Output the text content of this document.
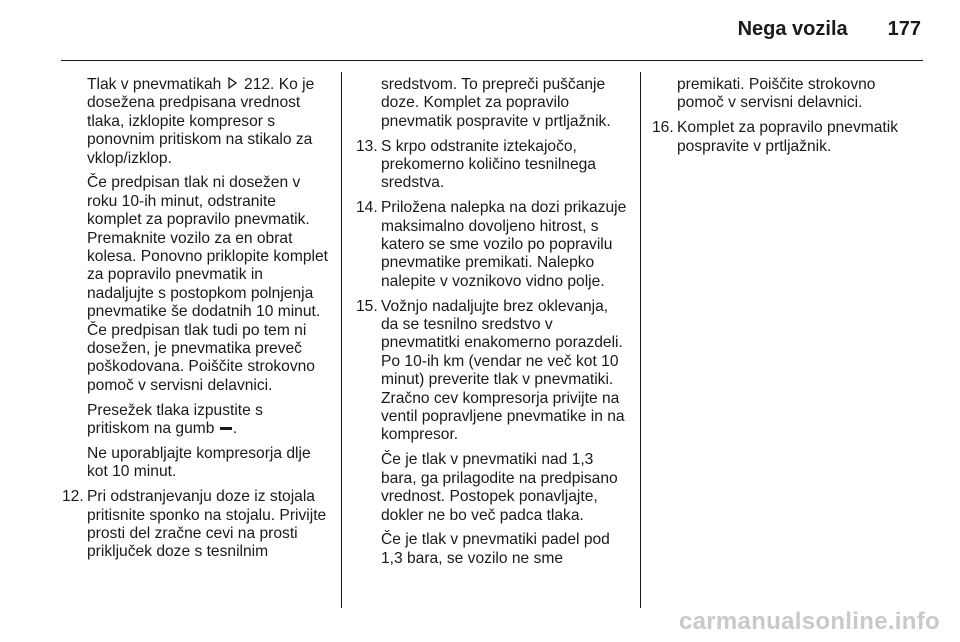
Nega vozila 177

Tlak v pnevmatikah  212. Ko je dosežena predpisana vrednost tlaka, izklopite kompresor s ponovnim pritiskom na stikalo za vklop/izklop.

Če predpisan tlak ni dosežen v roku 10-ih minut, odstranite komplet za popravilo pnevmatik. Premaknite vozilo za en obrat kolesa. Ponovno priklopite komplet za popravilo pnevmatik in nadaljujte s postopkom polnjenja pnevmatike še dodatnih 10 minut. Če predpisan tlak tudi po tem ni dosežen, je pnevmatika preveč poškodovana. Poiščite strokovno pomoč v servisni delavnici.

Presežek tlaka izpustite s pritiskom na gumb .

Ne uporabljajte kompresorja dlje kot 10 minut.

12. Pri odstranjevanju doze iz stojala pritisnite sponko na stojalu. Privijte prosti del zračne cevi na prosti priključek doze s tesnilnim

sredstvom. To prepreči puščanje doze. Komplet za popravilo pnevmatik pospravite v prtljažnik.

13. S krpo odstranite iztekajočo, prekomerno količino tesnilnega sredstva.
14. Priložena nalepka na dozi prikazuje maksimalno dovoljeno hitrost, s katero se sme vozilo po popravilu pnevmatike premikati. Nalepko nalepite v voznikovo vidno polje.
15. Vožnjo nadaljujte brez oklevanja, da se tesnilno sredstvo v pnevmatitki enakomerno porazdeli. Po 10-ih km (vendar ne več kot 10 minut) preverite tlak v pnevmatiki. Zračno cev kompresorja privijte na ventil popravljene pnevmatike in na kompresor.

Če je tlak v pnevmatiki nad 1,3 bara, ga prilagodite na predpisano vrednost. Postopek ponavljajte, dokler ne bo več padca tlaka.

Če je tlak v pnevmatiki padel pod 1,3 bara, se vozilo ne sme

premikati. Poiščite strokovno pomoč v servisni delavnici.

16. Komplet za popravilo pnevmatik pospravite v prtljažnik.
carmanualsonline.info
